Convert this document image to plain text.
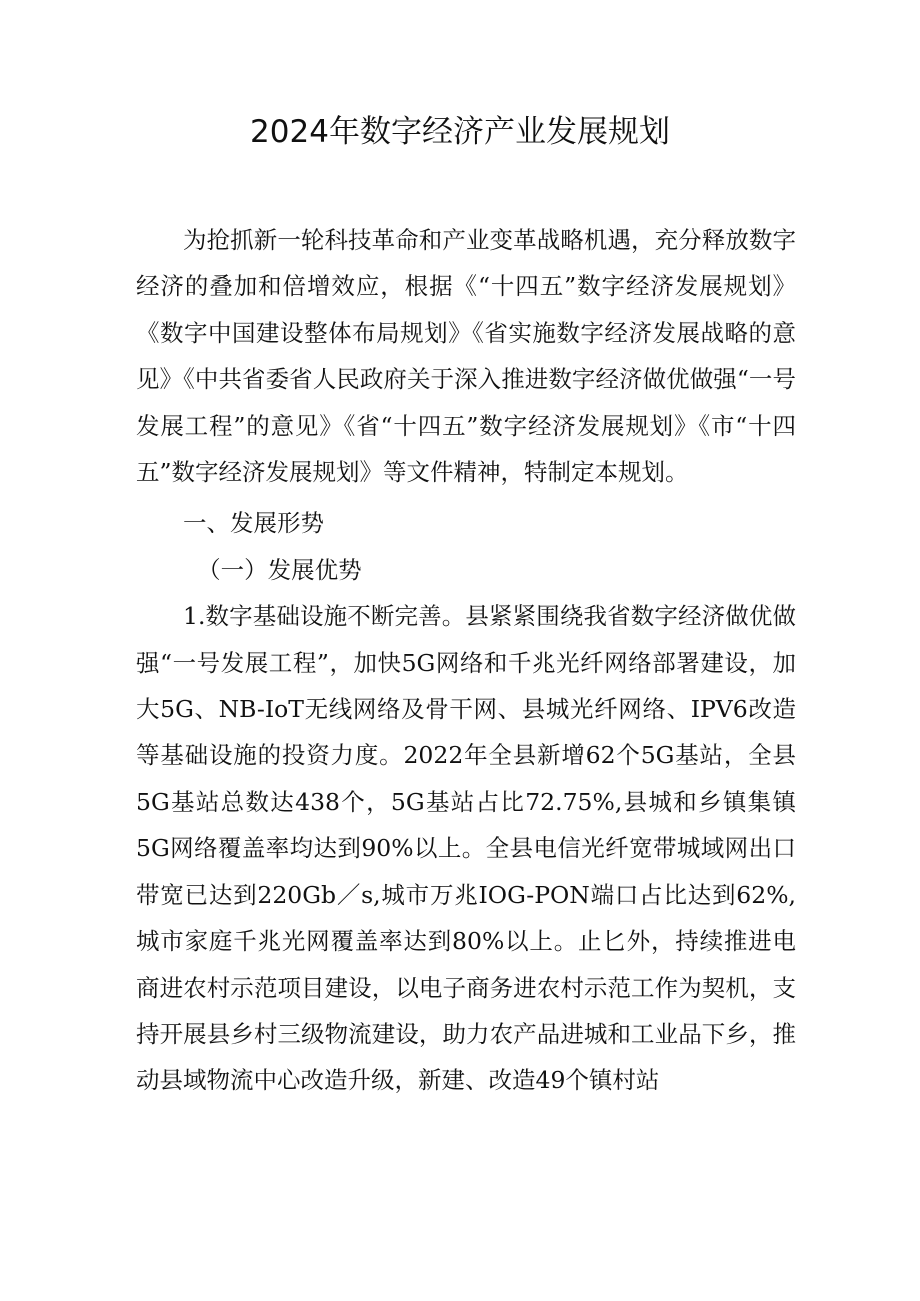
2024年数字经济产业发展规划

为抢抓新一轮科技革命和产业变革战略机遇，充分释放数字经济的叠加和倍增效应，根据《“十四五”数字经济发展规划》《数字中国建设整体布局规划》《省实施数字经济发展战略的意见》《中共省委省人民政府关于深入推进数字经济做优做强“一号发展工程”的意见》《省“十四五”数字经济发展规划》《市“十四五”数字经济发展规划》等文件精神，特制定本规划。

一、发展形势

（一）发展优势

1.数字基础设施不断完善。县紧紧围绕我省数字经济做优做强“一号发展工程”，加快5G网络和千兆光纤网络部署建设，加大5G、NB-IoT无线网络及骨干网、县城光纤网络、IPV6改造等基础设施的投资力度。2022年全县新增62个5G基站，全县5G基站总数达438个，5G基站占比72.75%,县城和乡镇集镇5G网络覆盖率均达到90%以上。全县电信光纤宽带城域网出口带宽已达到220Gb／s,城市万兆IOG-PON端口占比达到62%,城市家庭千兆光网覆盖率达到80%以上。止匕外，持续推进电商进农村示范项目建设，以电子商务进农村示范工作为契机，支持开展县乡村三级物流建设，助力农产品进城和工业品下乡，推动县域物流中心改造升级，新建、改造49个镇村站
